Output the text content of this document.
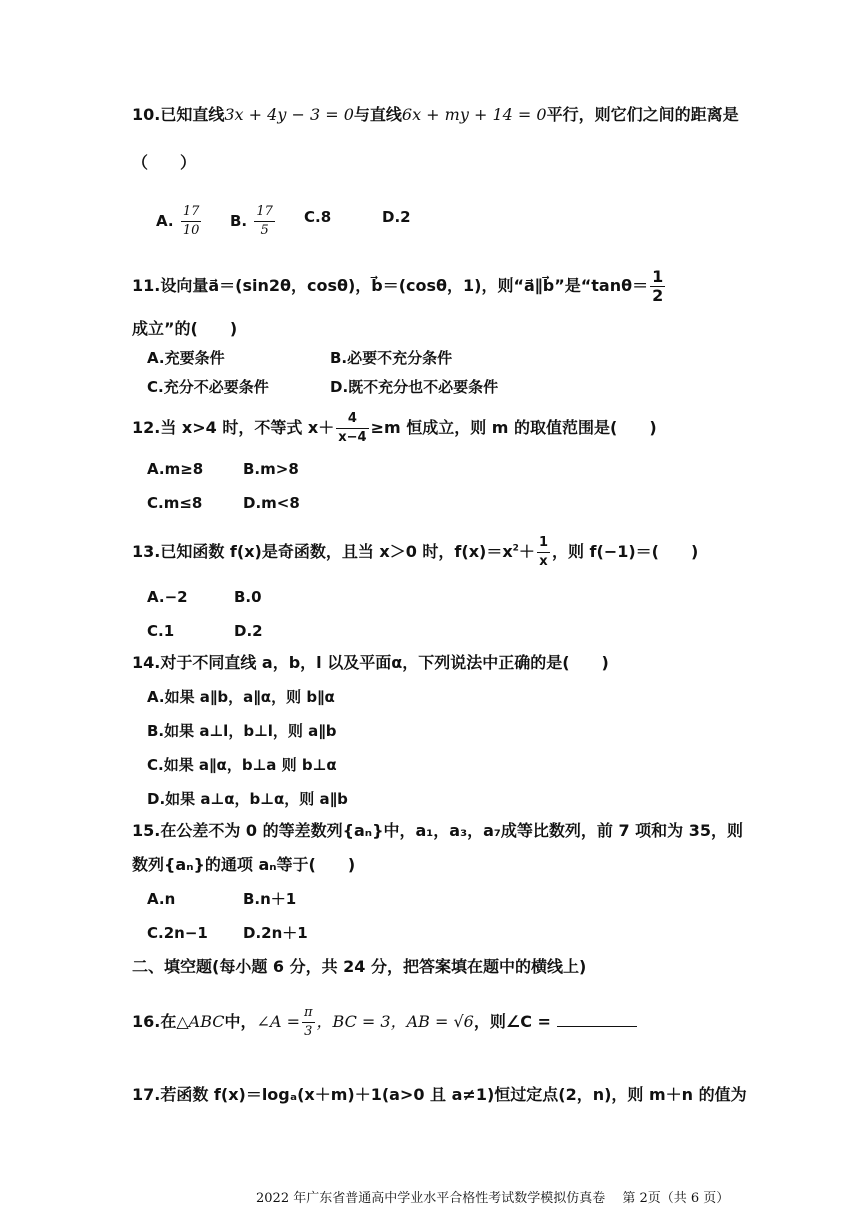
10.已知直线3x + 4y − 3 = 0与直线6x + my + 14 = 0平行，则它们之间的距离是
（　　）
A. $\frac{17}{10} B$. $\frac{17}{5} C.8$	D.2
11.设向量a⃗＝(sin2θ，cosθ)，b⃗＝(cosθ，1)，则“a⃗∥b⃗”是“$\tan\theta= \frac{1}{2}$
成立”的(　　)
A.充要条件	B.必要不充分条件
C.充分不必要条件	D.既不充分也不必要条件
12.当 x>4 时，不等式 $x+ \frac{4}{x-4} \ge m$ 恒成立，则 m 的取值范围是(　　)
A.m≥8	B.m>8
C.m≤8	D.m<8
13.已知函数 f(x)是奇函数，且当 x＞0 时，$f(x)=x^2+ \frac{1}{x}$ ，则 f(−1)＝(　　)
A.−2	B.0
C.1	D.2
14.对于不同直线 a，b，l 以及平面α，下列说法中正确的是(　　)
A.如果 a∥b，a∥α，则 b∥α
B.如果 a⊥l，b⊥l，则 a∥b
C.如果 a∥α，b⊥a 则 b⊥α
D.如果 a⊥α，b⊥α，则 a∥b
15.在公差不为 0 的等差数列{aₙ}中，a₁，a₃，a₇成等比数列，前 7 项和为 35，则
数列{aₙ}的通项 aₙ等于(　　)
A.n	B.n＋1
C.2n−1 D.2n＋1
二、填空题(每小题 6 分，共 24 分，把答案填在题中的横线上)
16.在△ABC中，∠A = $\frac{\pi}{3}$ ，BC = 3，AB = √6，则∠C =
17.若函数 f(x)＝logₐ(x＋m)＋1(a>0 且 a≠1)恒过定点(2，n)，则 m＋n 的值为
2022 年广东省普通高中学业水平合格性考试数学模拟仿真卷　 第 2页（共 6 页）
